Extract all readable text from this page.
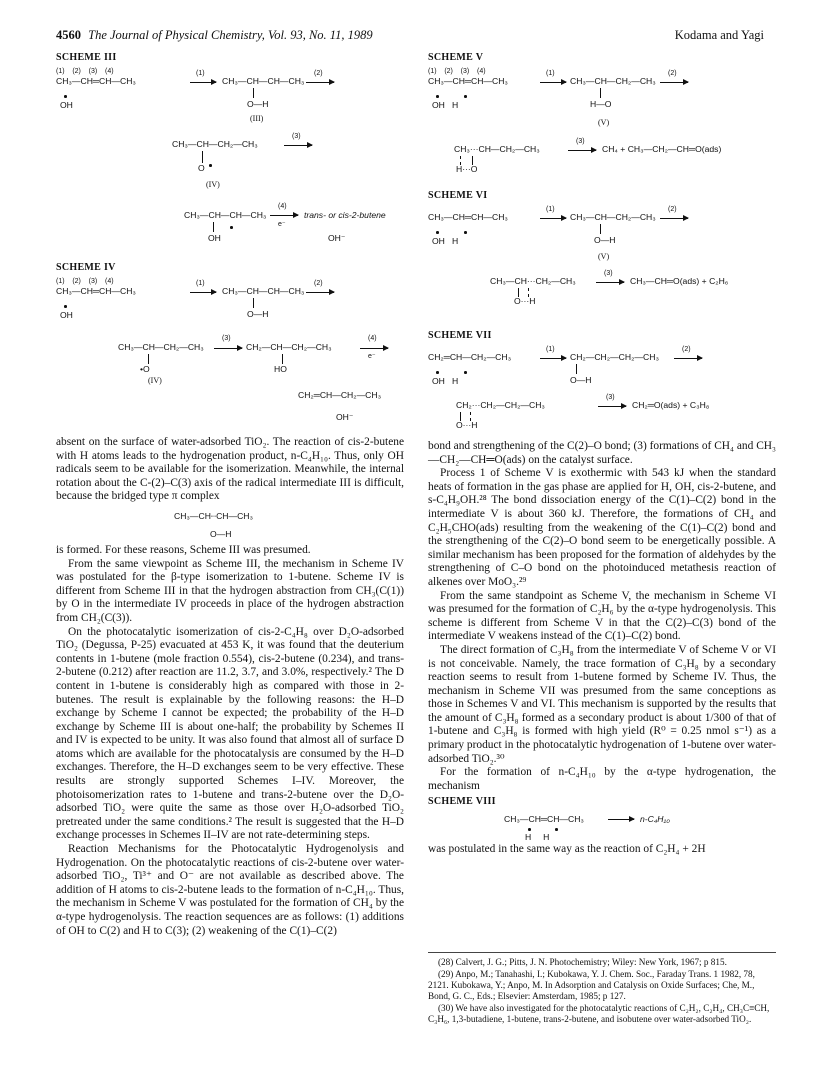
4560 The Journal of Physical Chemistry, Vol. 93, No. 11, 1989	Kodama and Yagi
SCHEME III
(1)    (2)    (3)    (4)
CH₃—CH═CH—CH₃
OH
(1)
→ CH₃—CH—CH—CH₃
O—H
(2)
(III)
CH₃—CH—CH₂—CH₃
O
(3)
(IV)
CH₃—CH—CH—CH₃
OH
(4)
e⁻
trans- or cis-2-butene
OH⁻
SCHEME IV
(1)    (2)    (3)    (4)
CH₃—CH═CH—CH₃
OH
(1)
→ CH₃—CH—CH—CH₃
O—H
(2)
CH₃—CH—CH₂—CH₃
•O
(IV)
(3)
→ CH₂—CH—CH₂—CH₃
HO
(4)
e⁻
CH₂═CH—CH₂—CH₃
OH⁻

absent on the surface of water-adsorbed TiO₂. The reaction of cis-2-butene with H atoms leads to the hydrogenation product, n-C₄H₁₀. Thus, only OH radicals seem to be available for the isomerization. Meanwhile, the internal rotation about the C-(2)–C(3) axis of the radical intermediate III is difficult, because the bridged type π complex

CH₃—CH┈CH—CH₃
O—H

is formed. For these reasons, Scheme III was presumed.

From the same viewpoint as Scheme III, the mechanism in Scheme IV was postulated for the β-type isomerization to 1-butene. Scheme IV is different from Scheme III in that the hydrogen abstraction from CH₃(C(1)) by O in the intermediate IV proceeds in place of the hydrogen abstraction from CH₂(C(3)).

On the photocatalytic isomerization of cis-2-C₄H₈ over D₂O-adsorbed TiO₂ (Degussa, P-25) evacuated at 453 K, it was found that the deuterium contents in 1-butene (mole fraction 0.554), cis-2-butene (0.234), and trans-2-butene (0.212) after reaction are 11.2, 3.7, and 3.0%, respectively.² The D content in 1-butene is considerably high as compared with those in 2-butenes. The result is explainable by the following reasons: the H–D exchange by Scheme I cannot be expected; the probability of the H–D exchange by Scheme III is about one-half; the probability by Schemes II and IV is expected to be unity. It was also found that almost all of surface D atoms which are available for the photocatalysis are consumed by the H–D exchanges. Therefore, the H–D exchanges seem to be very effective. These results are strongly supported Schemes I–IV. Moreover, the photoisomerization rates to 1-butene and trans-2-butene over the D₂O-adsorbed TiO₂ were quite the same as those over H₂O-adsorbed TiO₂ pretreated under the same conditions.² The result is suggested that the H–D exchange processes in Schemes II–IV are not rate-determining steps.

Reaction Mechanisms for the Photocatalytic Hydrogenolysis and Hydrogenation. On the photocatalytic reactions of cis-2-butene over water-adsorbed TiO₂, Ti³⁺ and O⁻ are not available as described above. The addition of H atoms to cis-2-butene leads to the formation of n-C₄H₁₀. Thus, the mechanism in Scheme V was postulated for the formation of CH₄ by the α-type hydrogenolysis. The reaction sequences are as follows: (1) additions of OH to C(2) and H to C(3); (2) weakening of the C(1)–C(2)

SCHEME V
(1)    (2)    (3)    (4)
CH₃—CH═CH—CH₃
OH   H
(1)
→ CH₃—CH—CH₂—CH₃
H—O
(2)
(V)
CH₃···CH—CH₂—CH₃
H···O
(3)
→ CH₄ + CH₃—CH₂—CH═O(ads)
SCHEME VI
CH₃—CH═CH—CH₃
OH   H
(1)
→ CH₃—CH—CH₂—CH₃
O—H
(2)
(V)
CH₃—CH···CH₂—CH₃
O···H
(3)
→ CH₃—CH═O(ads) + C₂H₆
SCHEME VII
CH₂═CH—CH₂—CH₃
OH   H
(1)
→ CH₂—CH₂—CH₂—CH₃
O—H
(2)
CH₂···CH₂—CH₂—CH₃
O···H
(3)
→ CH₂═O(ads) + C₃H₈

bond and strengthening of the C(2)–O bond; (3) formations of CH₄ and CH₃—CH₂—CH═O(ads) on the catalyst surface.

Process 1 of Scheme V is exothermic with 543 kJ when the standard heats of formation in the gas phase are applied for H, OH, cis-2-butene, and s-C₄H₉OH.²⁸ The bond dissociation energy of the C(1)–C(2) bond in the intermediate V is about 360 kJ. Therefore, the formations of CH₄ and C₂H₅CHO(ads) resulting from the weakening of the C(1)–C(2) bond and the strengthening of the C(2)–O bond seem to be energetically possible. A similar mechanism has been proposed for the formation of aldehydes by the strengthening of C–O bond on the photoinduced metathesis reaction of alkenes over MoO₃.²⁹

From the same standpoint as Scheme V, the mechanism in Scheme VI was presumed for the formation of C₂H₆ by the α-type hydrogenolysis. This scheme is different from Scheme V in that the C(2)–C(3) bond of the intermediate V weakens instead of the C(1)–C(2) bond.

The direct formation of C₃H₈ from the intermediate V of Scheme V or VI is not conceivable. Namely, the trace formation of C₃H₈ by a secondary reaction seems to result from 1-butene formed by Scheme IV. Thus, the mechanism in Scheme VII was presumed from the same conceptions as those in Schemes V and VI. This mechanism is supported by the results that the amount of C₃H₈ formed as a secondary product is about 1/300 of that of 1-butene and C₃H₈ is formed with high yield (R⁰ = 0.25 nmol s⁻¹) as a primary product in the photocatalytic hydrogenation of 1-butene over water-adsorbed TiO₂.³⁰

For the formation of n-C₄H₁₀ by the α-type hydrogenation, the mechanism

SCHEME VIII
CH₃—CH═CH—CH₃
H     H
→ n-C₄H₁₀

was postulated in the same way as the reaction of C₂H₄ + 2H

(28) Calvert, J. G.; Pitts, J. N. Photochemistry; Wiley: New York, 1967; p 815.

(29) Anpo, M.; Tanahashi, I.; Kubokawa, Y. J. Chem. Soc., Faraday Trans. 1 1982, 78, 2121. Kubokawa, Y.; Anpo, M. In Adsorption and Catalysis on Oxide Surfaces; Che, M., Bond, G. C., Eds.; Elsevier: Amsterdam, 1985; p 127.

(30) We have also investigated for the photocatalytic reactions of C₂H₂, C₂H₄, CH₃C≡CH, C₃H₆, 1,3-butadiene, 1-butene, trans-2-butene, and isobutene over water-adsorbed TiO₂.
